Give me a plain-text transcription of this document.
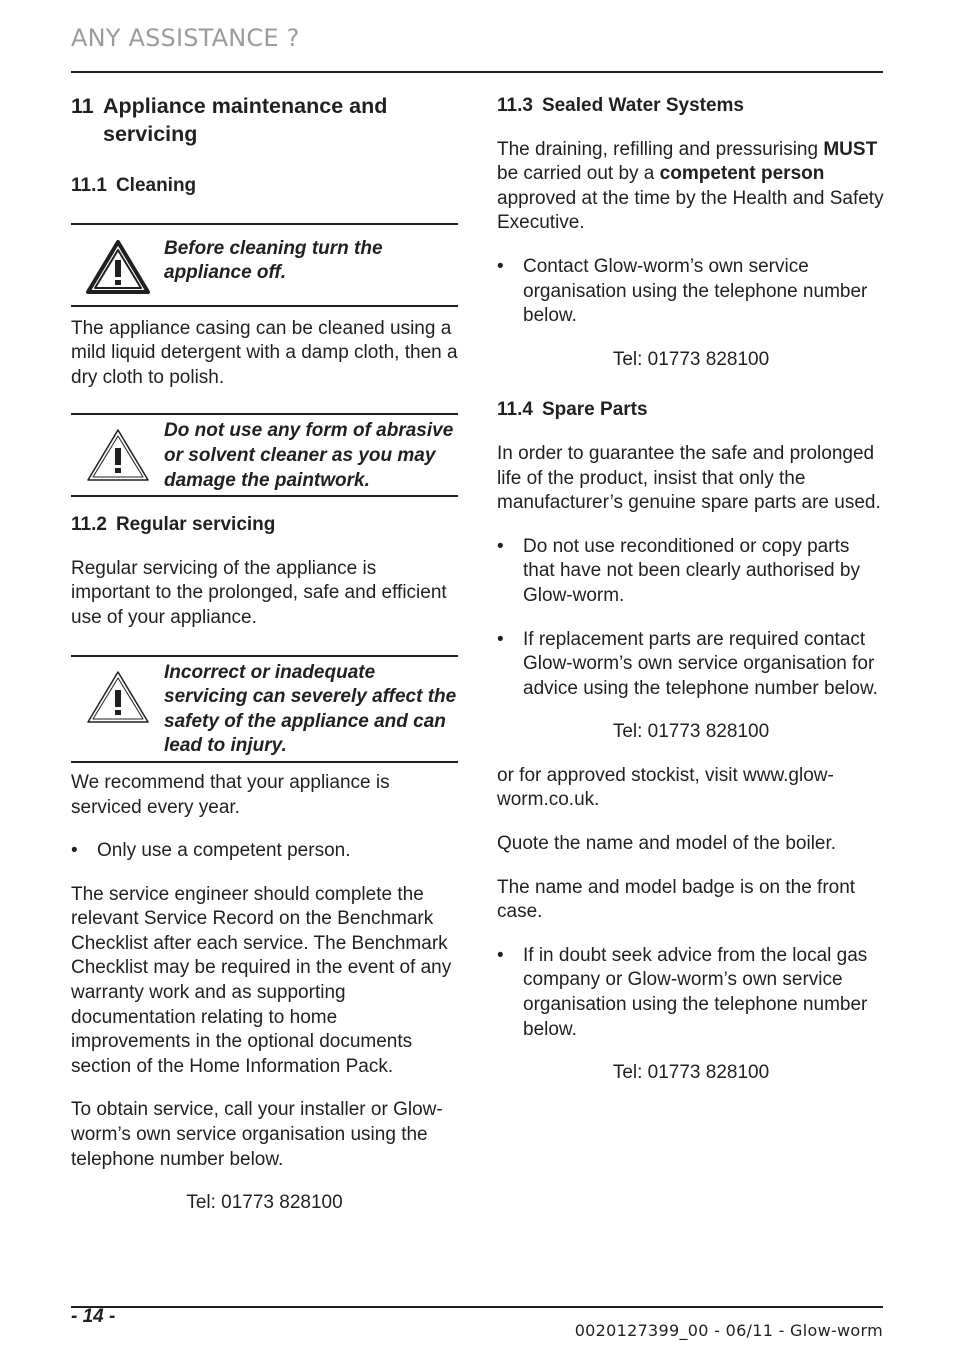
ANY ASSISTANCE ?
11 Appliance maintenance and servicing
11.1 Cleaning
Before cleaning turn the appliance off.

The appliance casing can be cleaned using a mild liquid detergent with a damp cloth, then a dry cloth to polish.

Do not use any form of abrasive or solvent cleaner as you may damage the paintwork.
11.2 Regular servicing

Regular servicing of the appliance is important to the prolonged, safe and efficient use of your appliance.

Incorrect or inadequate servicing can severely affect the safety of the appliance and can lead to injury.

We recommend that your appliance is serviced every year.

•	Only use a competent person.

The service engineer should complete the relevant Service Record on the Benchmark Checklist after each service. The Benchmark Checklist may be required in the event of any warranty work and as supporting documentation relating to home improvements in the optional documents section of the Home Information Pack.

To obtain service, call your installer or Glow-worm’s own service organisation using the telephone number below.

Tel: 01773 828100

11.3 Sealed Water Systems

The draining, refilling and pressurising MUST be carried out by a competent person approved at the time by the Health and Safety Executive.

•	Contact Glow-worm’s own service organisation using the telephone number below.

Tel: 01773 828100

11.4 Spare Parts

In order to guarantee the safe and prolonged life of the product, insist that only the manufacturer’s genuine spare parts are used.

•	Do not use reconditioned or copy parts that have not been clearly authorised by Glow-worm.
•	If replacement parts are required contact Glow-worm’s own service organisation for advice using the telephone number below.

Tel: 01773 828100

or for approved stockist, visit www.glow-worm.co.uk.

Quote the name and model of the boiler.

The name and model badge is on the front case.

•	If in doubt seek advice from the local gas company or Glow-worm’s own service organisation using the telephone number below.

Tel: 01773 828100

- 14 -
0020127399_00 - 06/11 - Glow-worm
